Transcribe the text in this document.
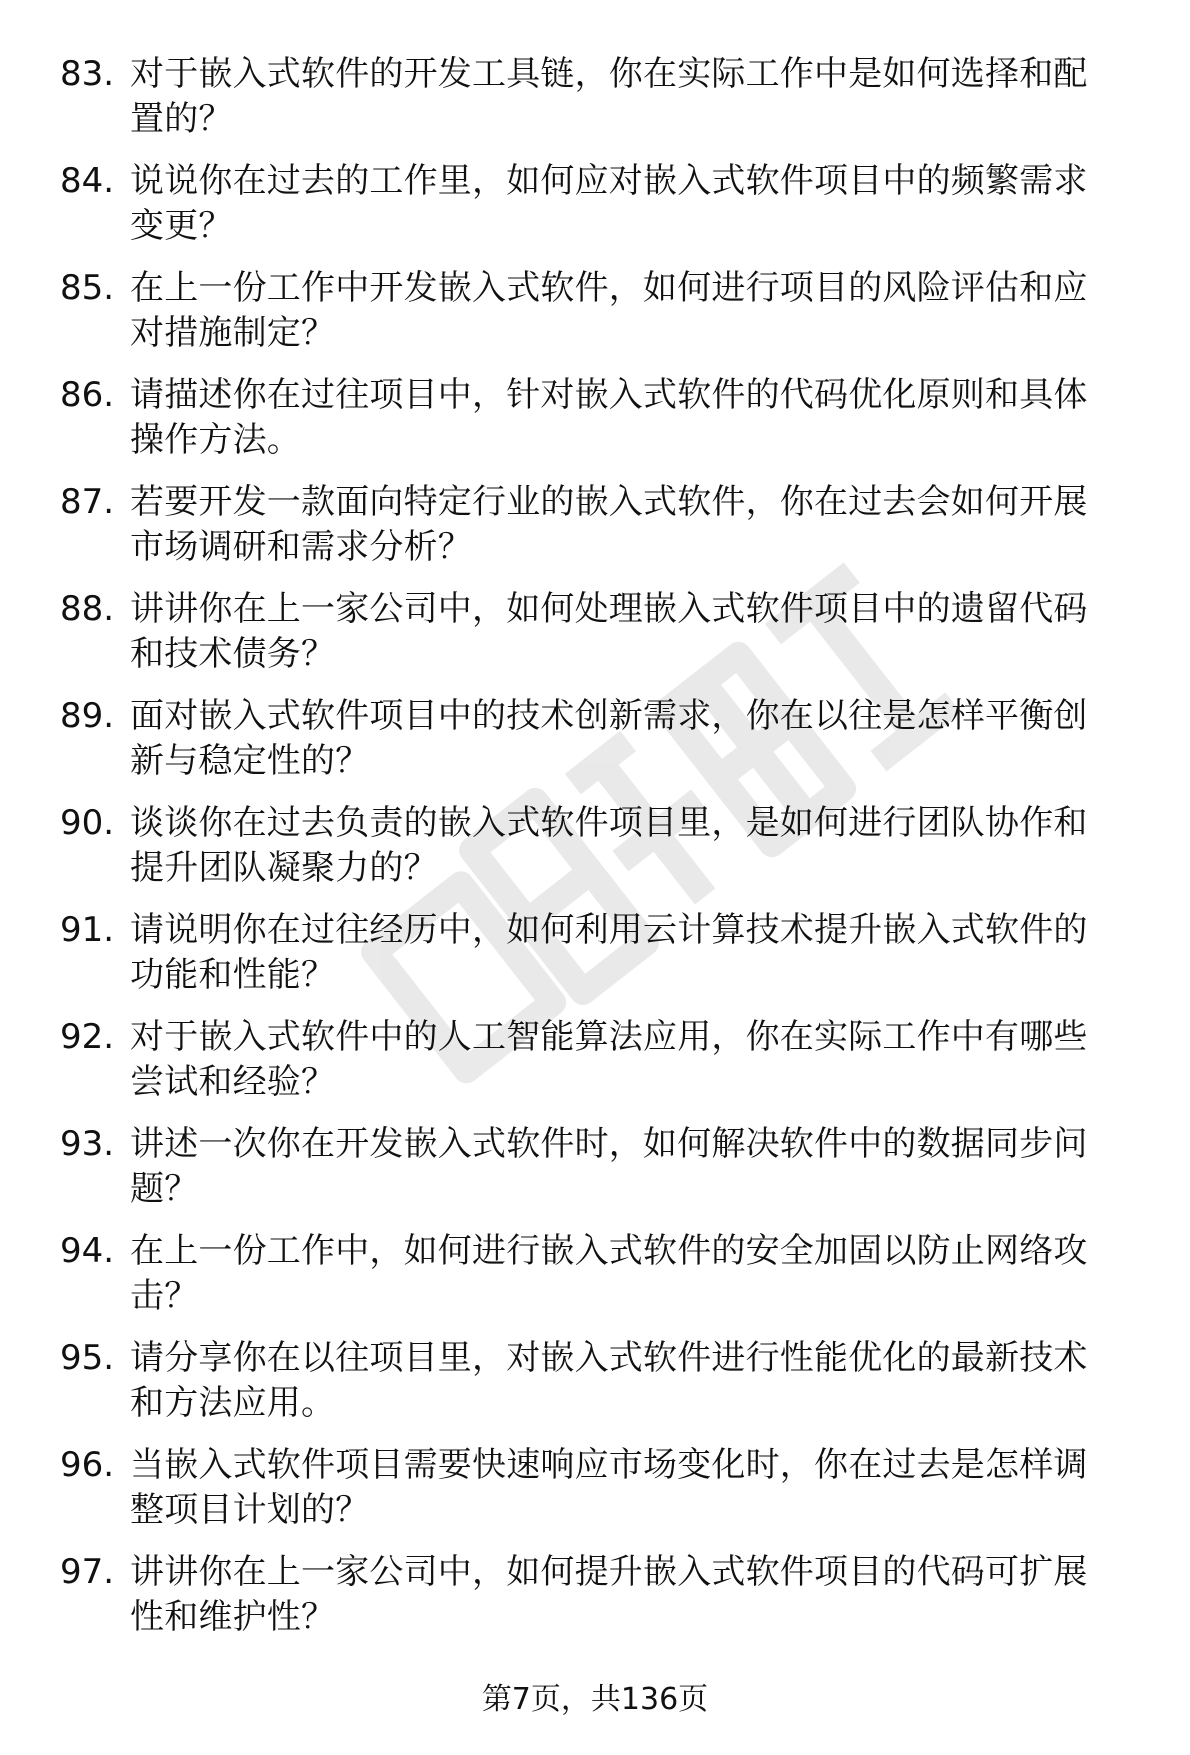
83. 对于嵌入式软件的开发工具链，你在实际工作中是如何选择和配
置的？
84. 说说你在过去的工作里，如何应对嵌入式软件项目中的频繁需求
变更？
85. 在上一份工作中开发嵌入式软件，如何进行项目的风险评估和应
对措施制定？
86. 请描述你在过往项目中，针对嵌入式软件的代码优化原则和具体
操作方法。
87. 若要开发一款面向特定行业的嵌入式软件，你在过去会如何开展
市场调研和需求分析？
88. 讲讲你在上一家公司中，如何处理嵌入式软件项目中的遗留代码
和技术债务？
89. 面对嵌入式软件项目中的技术创新需求，你在以往是怎样平衡创
新与稳定性的？
90. 谈谈你在过去负责的嵌入式软件项目里，是如何进行团队协作和
提升团队凝聚力的？
91. 请说明你在过往经历中，如何利用云计算技术提升嵌入式软件的
功能和性能？
92. 对于嵌入式软件中的人工智能算法应用，你在实际工作中有哪些
尝试和经验？
93. 讲述一次你在开发嵌入式软件时，如何解决软件中的数据同步问
题？
94. 在上一份工作中，如何进行嵌入式软件的安全加固以防止网络攻
击？
95. 请分享你在以往项目里，对嵌入式软件进行性能优化的最新技术
和方法应用。
96. 当嵌入式软件项目需要快速响应市场变化时，你在过去是怎样调
整项目计划的？
97. 讲讲你在上一家公司中，如何提升嵌入式软件项目的代码可扩展
性和维护性？
第7页，共136页
